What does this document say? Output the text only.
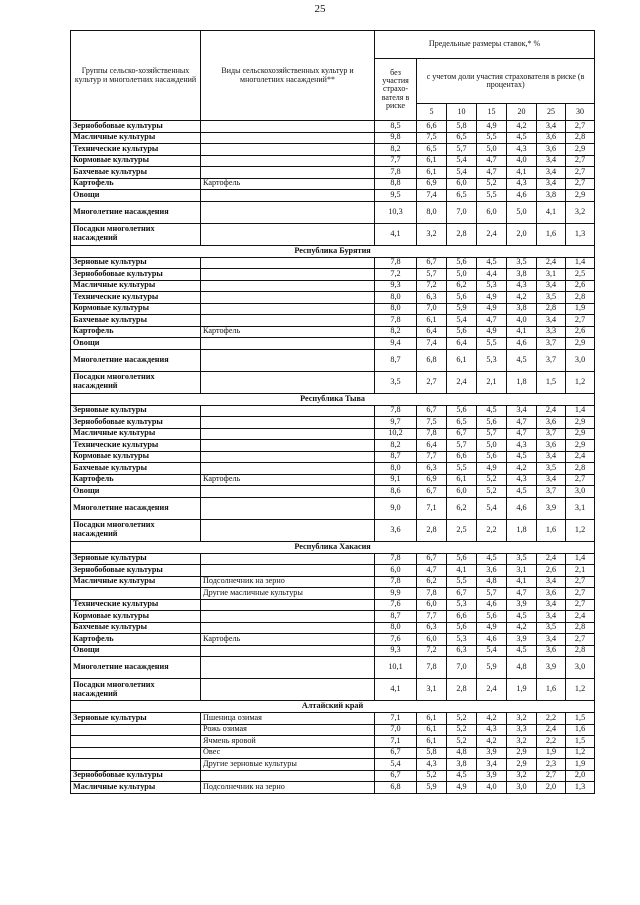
25
Группы сельско-хозяйственных культур и многолетних насаждений	Виды сельскохозяйственных культур и многолетних насаждений**	Предельные размеры ставок,* %						
		без участия страхо-вателя в риске	с учетом доли участия страхователя в риске (в процентах)					
			5	10	15	20	25	30
Зернобобовые культуры		8,5	6,6	5,8	4,9	4,2	3,4	2,7
Масличные культуры		9,8	7,5	6,5	5,5	4,5	3,6	2,8
Технические культуры		8,2	6,5	5,7	5,0	4,3	3,6	2,9
Кормовые культуры		7,7	6,1	5,4	4,7	4,0	3,4	2,7
Бахчевые культуры		7,8	6,1	5,4	4,7	4,1	3,4	2,7
Картофель	Картофель	8,8	6,9	6,0	5,2	4,3	3,4	2,7
Овощи		9,5	7,4	6,5	5,5	4,6	3,8	2,9
Многолетние насаждения		10,3	8,0	7,0	6,0	5,0	4,1	3,2
Посадки многолетних насаждений		4,1	3,2	2,8	2,4	2,0	1,6	1,3
Республика Бурятия								
Зерновые культуры		7,8	6,7	5,6	4,5	3,5	2,4	1,4
Зернобобовые культуры		7,2	5,7	5,0	4,4	3,8	3,1	2,5
Масличные культуры		9,3	7,2	6,2	5,3	4,3	3,4	2,6
Технические культуры		8,0	6,3	5,6	4,9	4,2	3,5	2,8
Кормовые культуры		8,0	7,0	5,9	4,9	3,8	2,8	1,9
Бахчевые культуры		7,8	6,1	5,4	4,7	4,0	3,4	2,7
Картофель	Картофель	8,2	6,4	5,6	4,9	4,1	3,3	2,6
Овощи		9,4	7,4	6,4	5,5	4,6	3,7	2,9
Многолетние насаждения		8,7	6,8	6,1	5,3	4,5	3,7	3,0
Посадки многолетних насаждений		3,5	2,7	2,4	2,1	1,8	1,5	1,2
Республика Тыва								
Зерновые культуры		7,8	6,7	5,6	4,5	3,4	2,4	1,4
Зернобобовые культуры		9,7	7,5	6,5	5,6	4,7	3,6	2,9
Масличные культуры		10,2	7,8	6,7	5,7	4,7	3,7	2,9
Технические культуры		8,2	6,4	5,7	5,0	4,3	3,6	2,9
Кормовые культуры		8,7	7,7	6,6	5,6	4,5	3,4	2,4
Бахчевые культуры		8,0	6,3	5,5	4,9	4,2	3,5	2,8
Картофель	Картофель	9,1	6,9	6,1	5,2	4,3	3,4	2,7
Овощи		8,6	6,7	6,0	5,2	4,5	3,7	3,0
Многолетние насаждения		9,0	7,1	6,2	5,4	4,6	3,9	3,1
Посадки многолетних насаждений		3,6	2,8	2,5	2,2	1,8	1,6	1,2
Республика Хакасия								
Зерновые культуры		7,8	6,7	5,6	4,5	3,5	2,4	1,4
Зернобобовые культуры		6,0	4,7	4,1	3,6	3,1	2,6	2,1
Масличные культуры	Подсолнечник на зерно	7,8	6,2	5,5	4,8	4,1	3,4	2,7
	Другие масличные культуры	9,9	7,8	6,7	5,7	4,7	3,6	2,7
Технические культуры		7,6	6,0	5,3	4,6	3,9	3,4	2,7
Кормовые культуры		8,7	7,7	6,6	5,6	4,5	3,4	2,4
Бахчевые культуры		8,0	6,3	5,6	4,9	4,2	3,5	2,8
Картофель	Картофель	7,6	6,0	5,3	4,6	3,9	3,4	2,7
Овощи		9,3	7,2	6,3	5,4	4,5	3,6	2,8
Многолетние насаждения		10,1	7,8	7,0	5,9	4,8	3,9	3,0
Посадки многолетних насаждений		4,1	3,1	2,8	2,4	1,9	1,6	1,2
Алтайский край								
Зерновые культуры	Пшеница озимая	7,1	6,1	5,2	4,2	3,2	2,2	1,5
	Рожь озимая	7,0	6,1	5,2	4,3	3,3	2,4	1,6
	Ячмень яровой	7,1	6,1	5,2	4,2	3,2	2,2	1,5
	Овес	6,7	5,8	4,8	3,9	2,9	1,9	1,2
	Другие зерновые культуры	5,4	4,3	3,8	3,4	2,9	2,3	1,9
Зернобобовые культуры		6,7	5,2	4,5	3,9	3,2	2,7	2,0
Масличные культуры	Подсолнечник на зерно	6,8	5,9	4,9	4,0	3,0	2,0	1,3
